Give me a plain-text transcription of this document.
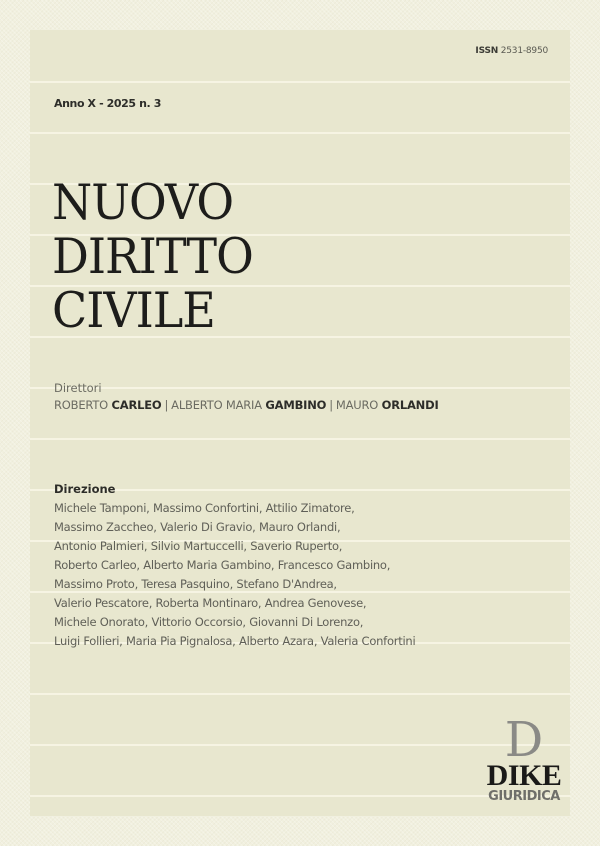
ISSN 2531-8950
Anno X - 2025 n. 3
NUOVO
DIRITTO
CIVILE
Direttori
ROBERTO CARLEO | ALBERTO MARIA GAMBINO | MAURO ORLANDI
Direzione
Michele Tamponi, Massimo Confortini, Attilio Zimatore,
Massimo Zaccheo, Valerio Di Gravio, Mauro Orlandi,
Antonio Palmieri, Silvio Martuccelli, Saverio Ruperto,
Roberto Carleo, Alberto Maria Gambino, Francesco Gambino,
Massimo Proto, Teresa Pasquino, Stefano D'Andrea,
Valerio Pescatore, Roberta Montinaro, Andrea Genovese,
Michele Onorato, Vittorio Occorsio, Giovanni Di Lorenzo,
Luigi Follieri, Maria Pia Pignalosa, Alberto Azara, Valeria Confortini
D
DIKE
GIURIDICA
